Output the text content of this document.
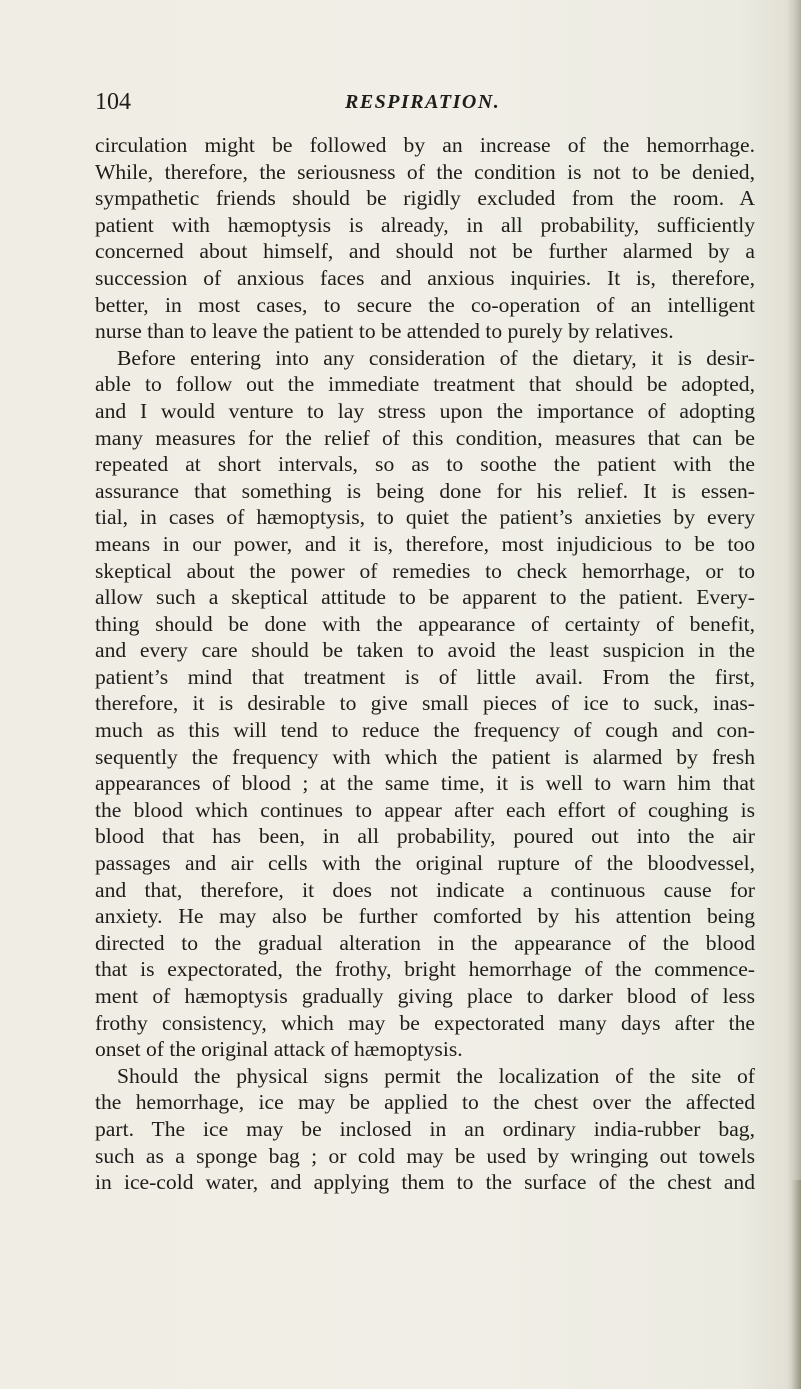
104	RESPIRATION.
circulation might be followed by an increase of the hemorrhage.
While, therefore, the seriousness of the condition is not to be denied,
sympathetic friends should be rigidly excluded from the room. A
patient with hæmoptysis is already, in all probability, sufficiently
concerned about himself, and should not be further alarmed by a
succession of anxious faces and anxious inquiries. It is, therefore,
better, in most cases, to secure the co-operation of an intelligent
nurse than to leave the patient to be attended to purely by relatives.
Before entering into any consideration of the dietary, it is desir-
able to follow out the immediate treatment that should be adopted,
and I would venture to lay stress upon the importance of adopting
many measures for the relief of this condition, measures that can be
repeated at short intervals, so as to soothe the patient with the
assurance that something is being done for his relief. It is essen-
tial, in cases of hæmoptysis, to quiet the patient’s anxieties by every
means in our power, and it is, therefore, most injudicious to be too
skeptical about the power of remedies to check hemorrhage, or to
allow such a skeptical attitude to be apparent to the patient. Every-
thing should be done with the appearance of certainty of benefit,
and every care should be taken to avoid the least suspicion in the
patient’s mind that treatment is of little avail. From the first,
therefore, it is desirable to give small pieces of ice to suck, inas-
much as this will tend to reduce the frequency of cough and con-
sequently the frequency with which the patient is alarmed by fresh
appearances of blood ; at the same time, it is well to warn him that
the blood which continues to appear after each effort of coughing is
blood that has been, in all probability, poured out into the air
passages and air cells with the original rupture of the bloodvessel,
and that, therefore, it does not indicate a continuous cause for
anxiety. He may also be further comforted by his attention being
directed to the gradual alteration in the appearance of the blood
that is expectorated, the frothy, bright hemorrhage of the commence-
ment of hæmoptysis gradually giving place to darker blood of less
frothy consistency, which may be expectorated many days after the
onset of the original attack of hæmoptysis.
Should the physical signs permit the localization of the site of
the hemorrhage, ice may be applied to the chest over the affected
part. The ice may be inclosed in an ordinary india-rubber bag,
such as a sponge bag ; or cold may be used by wringing out towels
in ice-cold water, and applying them to the surface of the chest and
